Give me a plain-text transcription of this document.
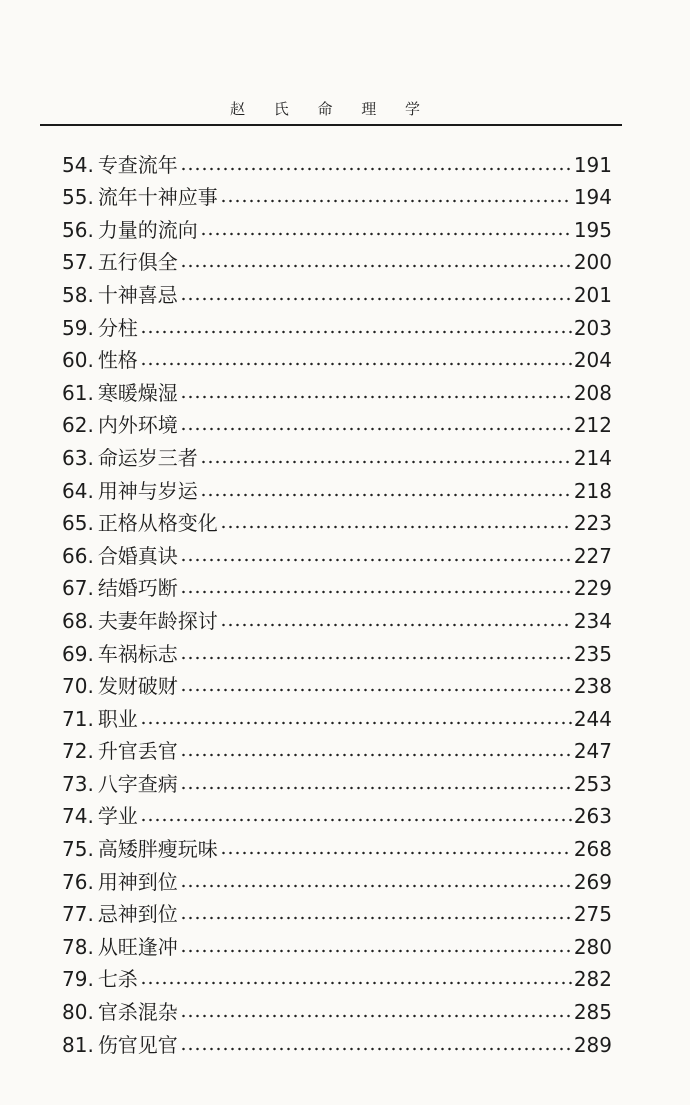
赵 氏 命 理 学
54. 专查流年	191
55. 流年十神应事	194
56. 力量的流向	195
57. 五行俱全	200
58. 十神喜忌	201
59. 分柱	203
60. 性格	204
61. 寒暖燥湿	208
62. 内外环境	212
63. 命运岁三者	214
64. 用神与岁运	218
65. 正格从格变化	223
66. 合婚真诀	227
67. 结婚巧断	229
68. 夫妻年龄探讨	234
69. 车祸标志	235
70. 发财破财	238
71. 职业	244
72. 升官丢官	247
73. 八字查病	253
74. 学业	263
75. 高矮胖瘦玩味	268
76. 用神到位	269
77. 忌神到位	275
78. 从旺逢冲	280
79. 七杀	282
80. 官杀混杂	285
81. 伤官见官	289
